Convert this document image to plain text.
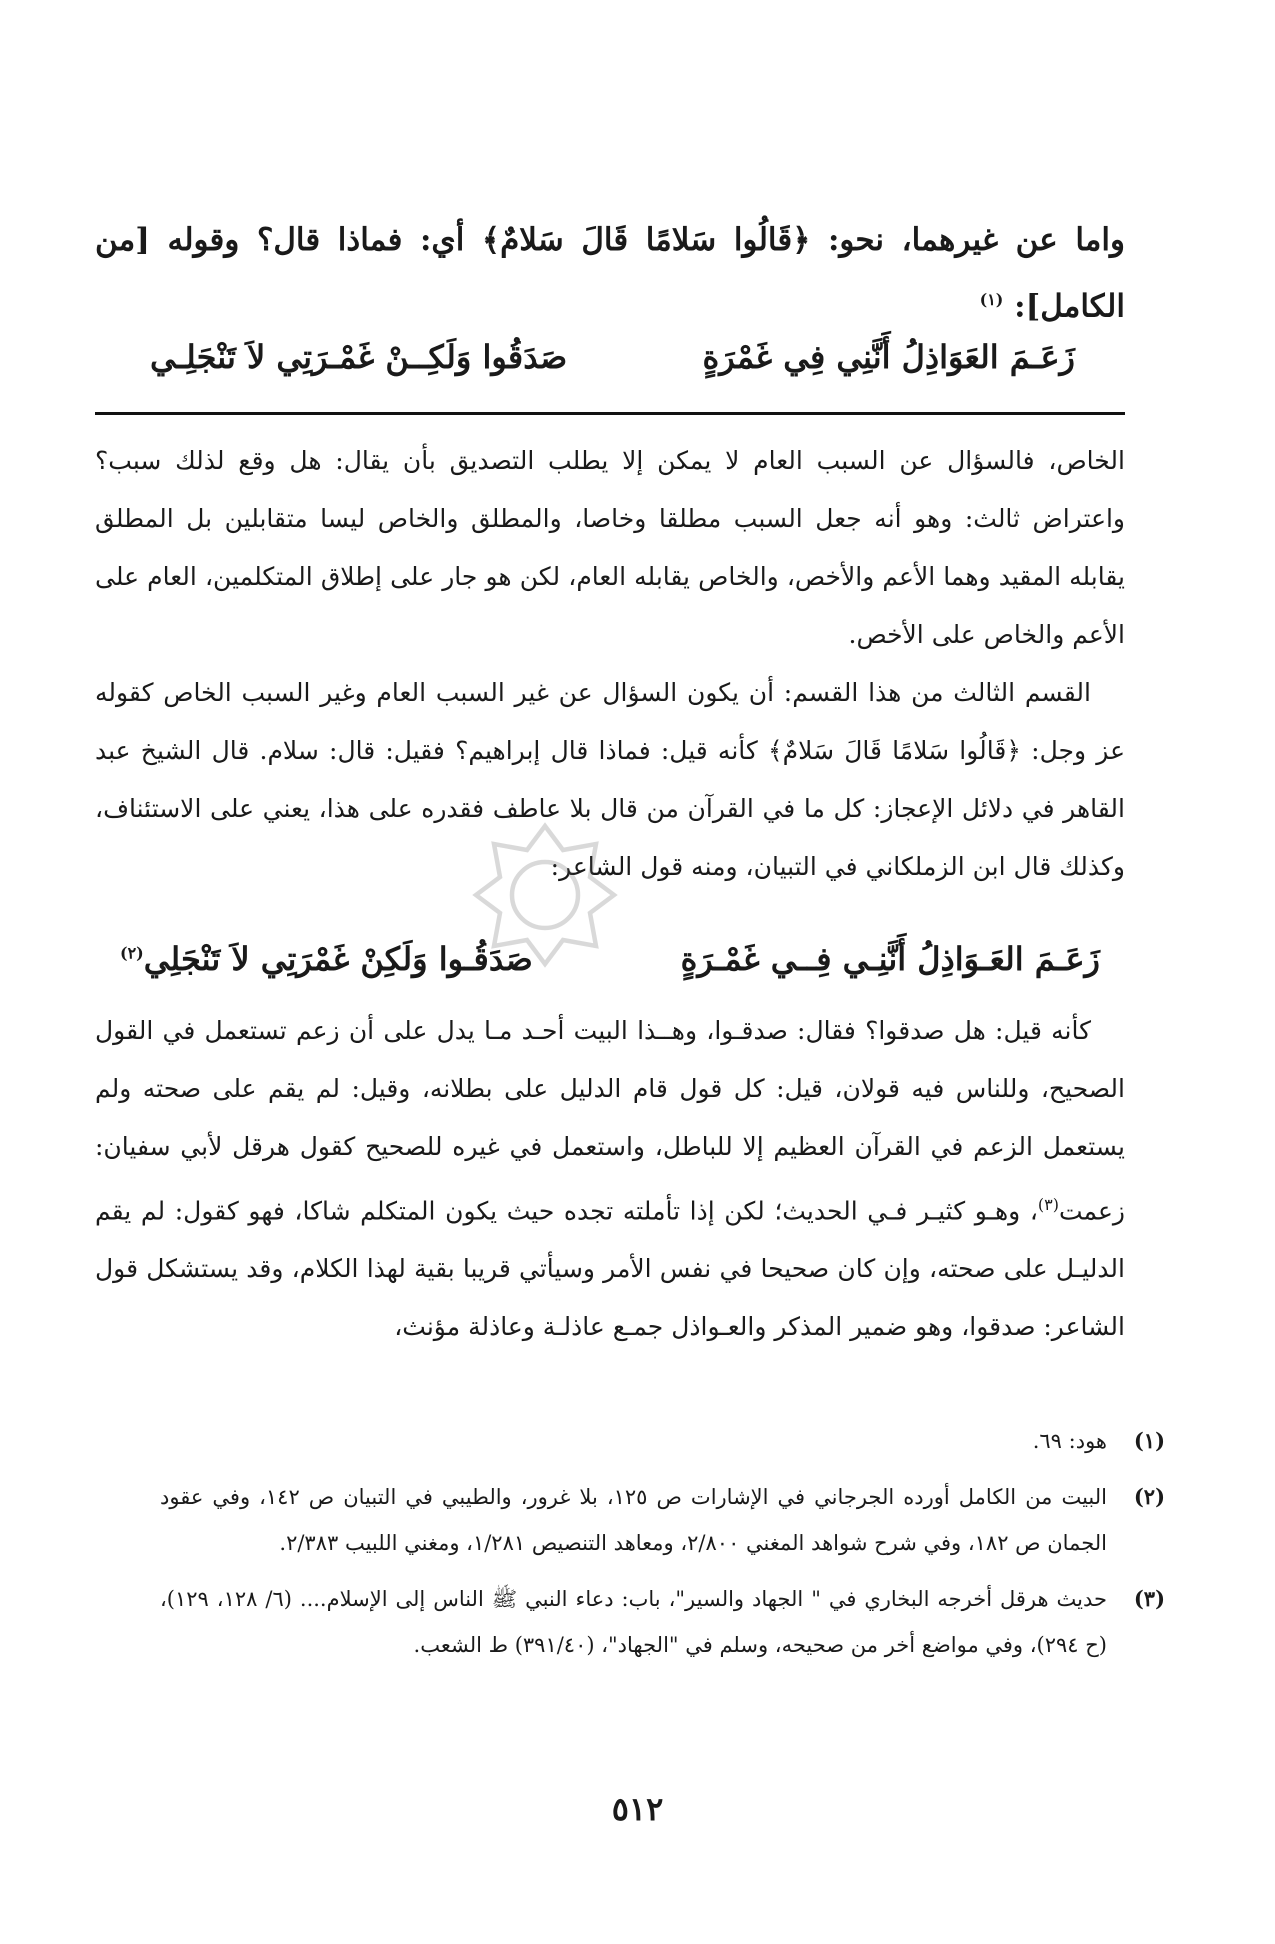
واما عن غيرهما، نحو: ﴿قَالُوا سَلامًا قَالَ سَلامٌ﴾ أي: فماذا قال؟ وقوله [من الكامل]: $^{(١)}$
زَعَـمَ العَوَاذِلُ أَنَّنِي فِي غَمْرَةٍ
صَدَقُوا وَلَكِــنْ غَمْـرَتِي لاَ تَنْجَلِـي

الخاص، فالسؤال عن السبب العام لا يمكن إلا يطلب التصديق بأن يقال: هل وقع لذلك سبب؟ واعتراض ثالث: وهو أنه جعل السبب مطلقا وخاصا، والمطلق والخاص ليسا متقابلين بل المطلق يقابله المقيد وهما الأعم والأخص، والخاص يقابله العام، لكن هو جار على إطلاق المتكلمين، العام على الأعم والخاص على الأخص.

القسم الثالث من هذا القسم: أن يكون السؤال عن غير السبب العام وغير السبب الخاص كقوله عز وجل: ﴿قَالُوا سَلامًا قَالَ سَلامٌ﴾ كأنه قيل: فماذا قال إبراهيم؟ فقيل: قال: سلام. قال الشيخ عبد القاهر في دلائل الإعجاز: كل ما في القرآن من قال بلا عاطف فقدره على هذا، يعني على الاستئناف، وكذلك قال ابن الزملكاني في التبيان، ومنه قول الشاعر:

زَعَـمَ العَـوَاذِلُ أَنَّنِـي فِــي غَمْـرَةٍ
صَدَقُـوا وَلَكِنْ غَمْرَتِي لاَ تَنْجَلِي$^{(٢)}$

كأنه قيل: هل صدقوا؟ فقال: صدقـوا، وهــذا البيت أحـد مـا يدل على أن زعم تستعمل في القول الصحيح، وللناس فيه قولان، قيل: كل قول قام الدليل على بطلانه، وقيل: لم يقم على صحته ولم يستعمل الزعم في القرآن العظيم إلا للباطل، واستعمل في غيره للصحيح كقول هرقل لأبي سفيان: زعمت$^{(٣)}$، وهـو كثيـر فـي الحديث؛ لكن إذا تأملته تجده حيث يكون المتكلم شاكا، فهو كقول: لم يقم الدليـل على صحته، وإن كان صحيحا في نفس الأمر وسيأتي قريبا بقية لهذا الكلام، وقد يستشكل قول الشاعر: صدقوا، وهو ضمير المذكر والعـواذل جمـع عاذلـة وعاذلة مؤنث،

(١)
هود: ٦٩.
(٢)
البيت من الكامل أورده الجرجاني في الإشارات ص ١٢٥، بلا غرور، والطيبي في التبيان ص ١٤٢، وفي عقود الجمان ص ١٨٢، وفي شرح شواهد المغني ٢/٨٠٠، ومعاهد التنصيص ١/٢٨١، ومغني اللبيب ٢/٣٨٣.
(٣)
حديث هرقل أخرجه البخاري في " الجهاد والسير"، باب: دعاء النبي ﷺ الناس إلى الإسلام.... (٦/ ١٢٨، ١٢٩)، (ح ٢٩٤)، وفي مواضع أخر من صحيحه، وسلم في "الجهاد"، (٣٩١/٤٠) ط الشعب.
٥١٢
